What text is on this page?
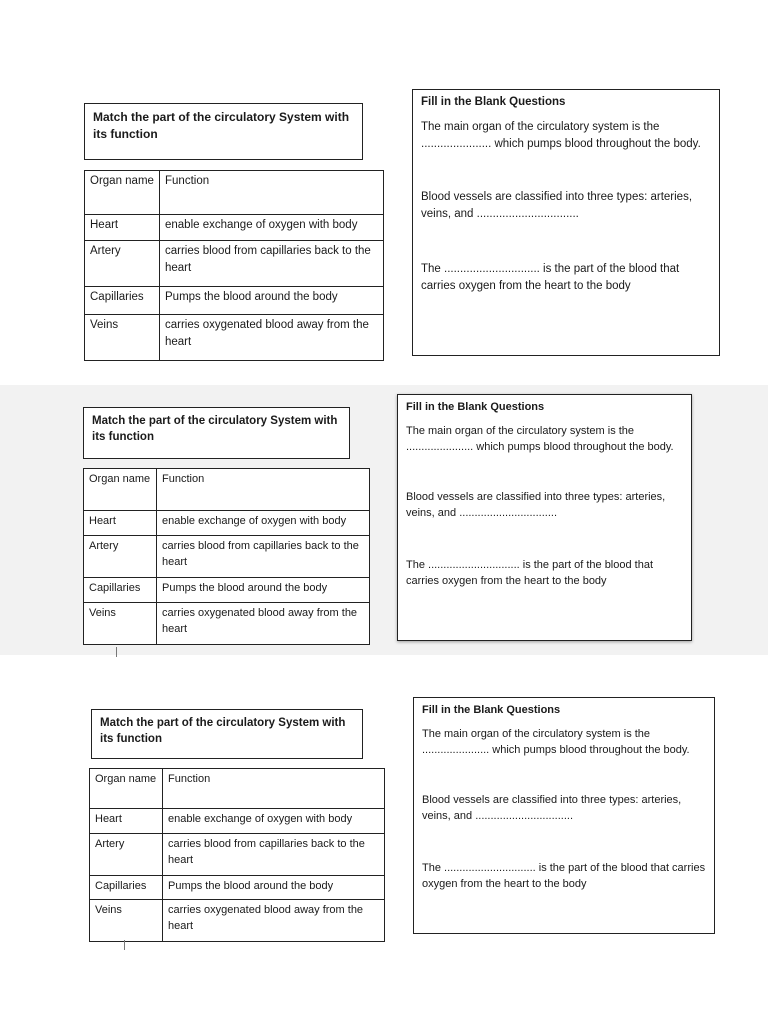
Match the part of the circulatory System with its function
Organ name	Function
Heart	enable exchange of oxygen with body
Artery	carries blood from capillaries back to the heart
Capillaries	Pumps the blood around the body
Veins	carries oxygenated blood away from the heart
Fill in the Blank Questions

The main organ of the circulatory system is the ...................... which pumps blood throughout the body.

Blood vessels are classified into three types: arteries, veins, and ................................

The .............................. is the part of the blood that carries oxygen from the heart to the body

Match the part of the circulatory System with its function
Organ name	Function
Heart	enable exchange of oxygen with body
Artery	carries blood from capillaries back to the heart
Capillaries	Pumps the blood around the body
Veins	carries oxygenated blood away from the heart
Fill in the Blank Questions

The main organ of the circulatory system is the ...................... which pumps blood throughout the body.

Blood vessels are classified into three types: arteries, veins, and ................................

The .............................. is the part of the blood that carries oxygen from the heart to the body

Match the part of the circulatory System with its function
Organ name	Function
Heart	enable exchange of oxygen with body
Artery	carries blood from capillaries back to the heart
Capillaries	Pumps the blood around the body
Veins	carries oxygenated blood away from the heart
Fill in the Blank Questions

The main organ of the circulatory system is the ...................... which pumps blood throughout the body.

Blood vessels are classified into three types: arteries, veins, and ................................

The .............................. is the part of the blood that carries oxygen from the heart to the body
